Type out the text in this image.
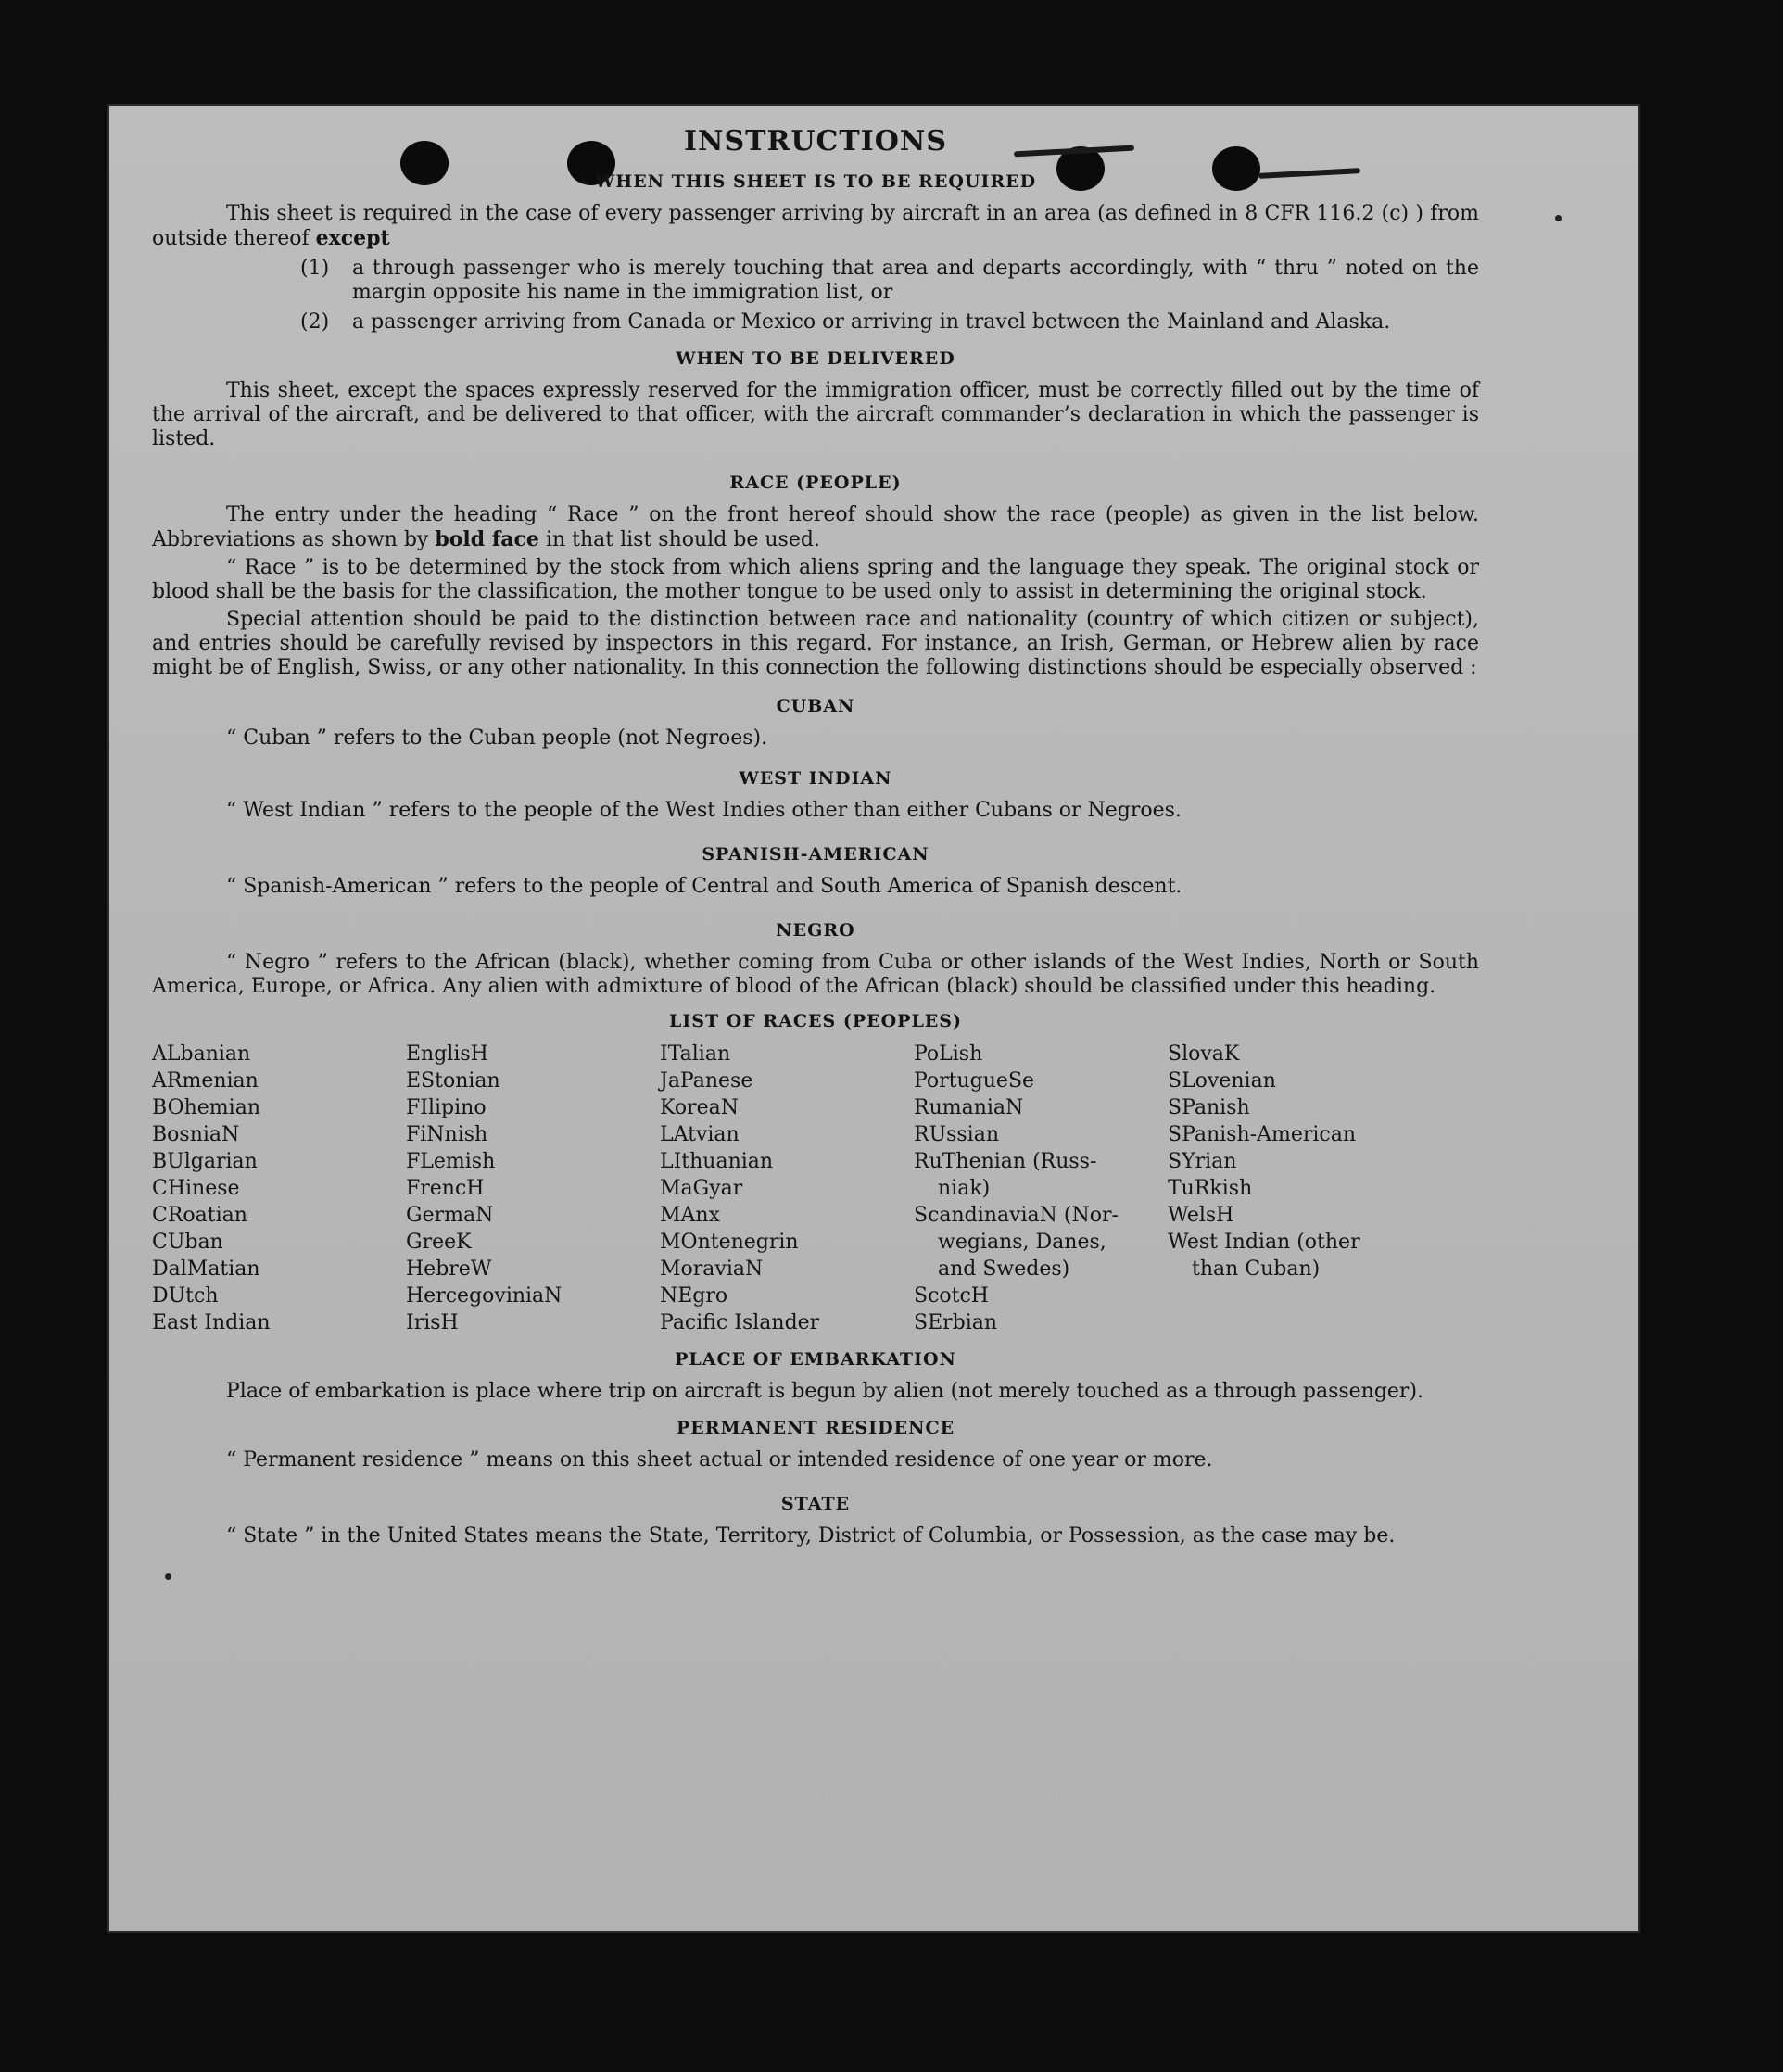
INSTRUCTIONS
WHEN THIS SHEET IS TO BE REQUIRED

This sheet is required in the case of every passenger arriving by aircraft in an area (as defined in 8 CFR 116.2 (c) ) from outside thereof except

(1)	a through passenger who is merely touching that area and departs accordingly, with “ thru ” noted on the margin opposite his name in the immigration list, or
(2)	a passenger arriving from Canada or Mexico or arriving in travel between the Mainland and Alaska.
WHEN TO BE DELIVERED

This sheet, except the spaces expressly reserved for the immigration officer, must be correctly filled out by the time of the arrival of the aircraft, and be delivered to that officer, with the aircraft commander’s declaration in which the passenger is listed.

RACE (PEOPLE)

The entry under the heading “ Race ” on the front hereof should show the race (people) as given in the list below. Abbreviations as shown by bold face in that list should be used.

“ Race ” is to be determined by the stock from which aliens spring and the language they speak. The original stock or blood shall be the basis for the classification, the mother tongue to be used only to assist in determining the original stock.

Special attention should be paid to the distinction between race and nationality (country of which citizen or subject), and entries should be carefully revised by inspectors in this regard. For instance, an Irish, German, or Hebrew alien by race might be of English, Swiss, or any other nationality. In this connection the following distinctions should be especially observed :

CUBAN

“ Cuban ” refers to the Cuban people (not Negroes).

WEST INDIAN

“ West Indian ” refers to the people of the West Indies other than either Cubans or Negroes.

SPANISH-AMERICAN

“ Spanish-American ” refers to the people of Central and South America of Spanish descent.

NEGRO

“ Negro ” refers to the African (black), whether coming from Cuba or other islands of the West Indies, North or South America, Europe, or Africa. Any alien with admixture of blood of the African (black) should be classified under this heading.

LIST OF RACES (PEOPLES)
ALbanian	EnglisH	ITalian	PoLish	SlovaK
ARmenian	EStonian	JaPanese	PortugueSe	SLovenian
BOhemian	FIlipino	KoreaN	RumaniaN	SPanish
BosniaN	FiNnish	LAtvian	RUssian	SPanish-American
BUlgarian	FLemish	LIthuanian	RuThenian (Russ-	SYrian
CHinese	FrencH	MaGyar	niak)	TuRkish
CRoatian	GermaN	MAnx	ScandinaviaN (Nor-	WelsH
CUban	GreeK	MOntenegrin	wegians, Danes,	West Indian (other
DalMatian	HebreW	MoraviaN	and Swedes)	than Cuban)
DUtch	HercegoviniaN	NEgro	ScotcH
East Indian	IrisH	Pacific Islander	SErbian
PLACE OF EMBARKATION

Place of embarkation is place where trip on aircraft is begun by alien (not merely touched as a through passenger).

PERMANENT RESIDENCE

“ Permanent residence ” means on this sheet actual or intended residence of one year or more.

STATE

“ State ” in the United States means the State, Territory, District of Columbia, or Possession, as the case may be.
